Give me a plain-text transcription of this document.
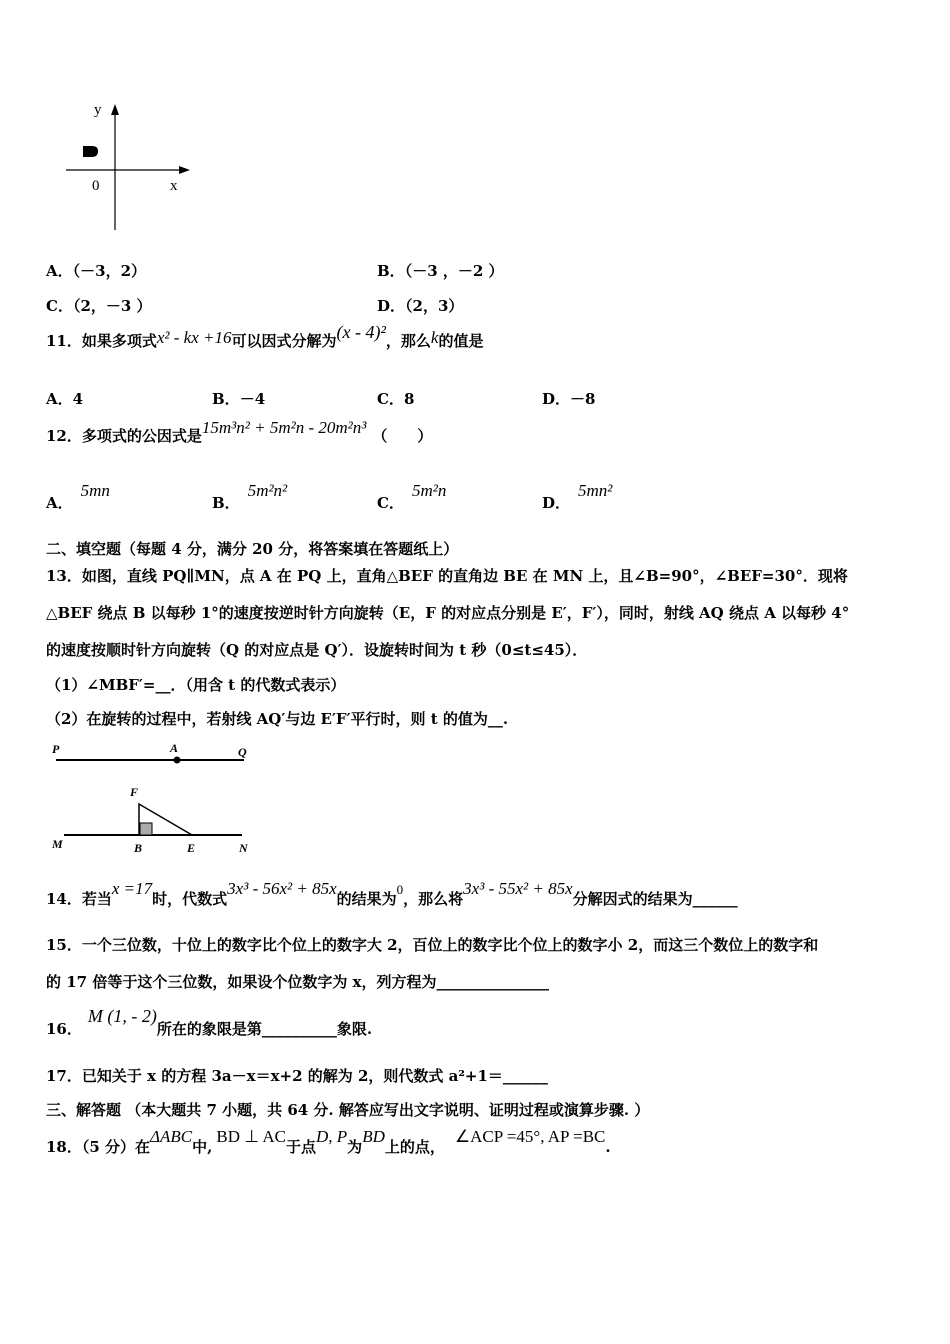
y
0	x
A．（－3，2）	B．（－3 ，－2 ）
C．（2，－3 ）	D．（2，3）
11．如果多项式x² - kx +16可以因式分解为(x - 4)²，那么k的值是
A．4	B．－4	C．8	D．－8
12．多项式的公因式是15m³n² + 5m²n - 20m²n³ （　　）
A．5mn
B．5m²n²
C．5m²n
D．5mn²
二、填空题（每题 4 分，满分 20 分，将答案填在答题纸上）
13．如图，直线 PQ∥MN，点 A 在 PQ 上，直角△BEF 的直角边 BE 在 MN 上，且∠B=90°，∠BEF=30°．现将
△BEF 绕点 B 以每秒 1°的速度按逆时针方向旋转（E，F 的对应点分别是 E′，F′），同时，射线 AQ 绕点 A 以每秒 4°
的速度按顺时针方向旋转（Q 的对应点是 Q′）．设旋转时间为 t 秒（0≤t≤45）．
（1）∠MBF′=__．（用含 t 的代数式表示）
（2）在旋转的过程中，若射线 AQ′与边 E′F′平行时，则 t 的值为__.
P	A	Q
F
M	B	E	N
14．若当x =17时，代数式3x³ - 56x² + 85x的结果为0，那么将3x³ - 55x² + 85x分解因式的结果为______
15．一个三位数，十位上的数字比个位上的数字大 2，百位上的数字比个位上的数字小 2，而这三个数位上的数字和
的 17 倍等于这个三位数，如果设个位数字为 x，列方程为_______________
16．M (1, - 2)所在的象限是第__________象限.
17．已知关于 x 的方程 3a－x＝x+2 的解为 2，则代数式 a²+1＝______
三、解答题 （本大题共 7 小题，共 64 分. 解答应写出文字说明、证明过程或演算步骤. ）
18．（5 分）在ΔABC中,BD ⊥ AC于点D, P为BD上的点，∠ACP =45°, AP =BC.
